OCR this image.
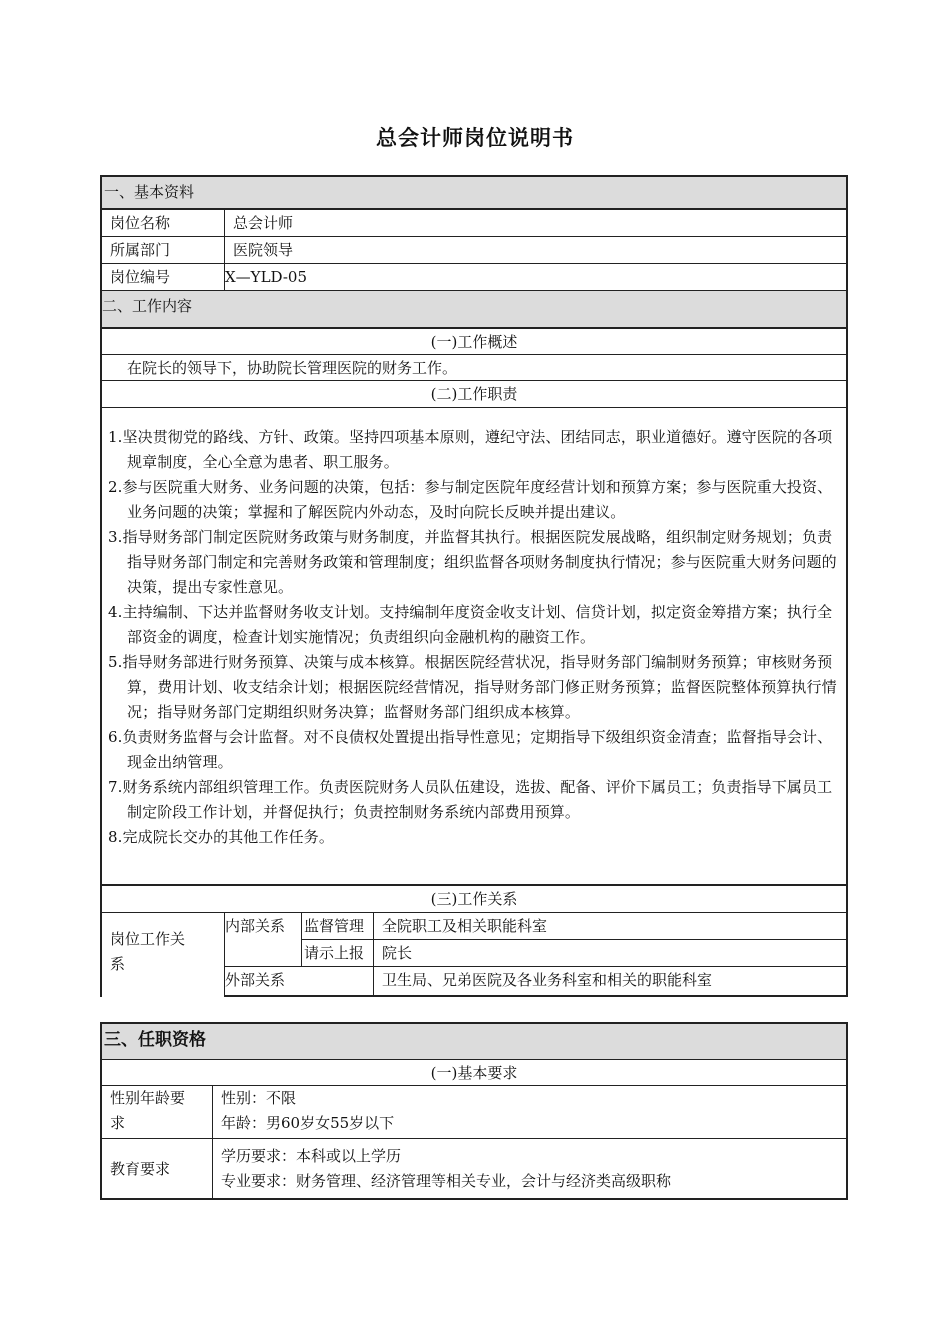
总会计师岗位说明书
一、基本资料
岗位名称	总会计师
所属部门	医院领导
岗位编号	X—YLD-05
二、工作内容
(一)工作概述
在院长的领导下，协助院长管理医院的财务工作。
(二)工作职责
1.坚决贯彻党的路线、方针、政策。坚持四项基本原则，遵纪守法、团结同志，职业道德好。遵守医院的各项规章制度，全心全意为患者、职工服务。
2.参与医院重大财务、业务问题的决策，包括：参与制定医院年度经营计划和预算方案；参与医院重大投资、业务问题的决策；掌握和了解医院内外动态，及时向院长反映并提出建议。
3.指导财务部门制定医院财务政策与财务制度，并监督其执行。根据医院发展战略，组织制定财务规划；负责指导财务部门制定和完善财务政策和管理制度；组织监督各项财务制度执行情况；参与医院重大财务问题的决策，提出专家性意见。
4.主持编制、下达并监督财务收支计划。支持编制年度资金收支计划、信贷计划，拟定资金筹措方案；执行全部资金的调度，检查计划实施情况；负责组织向金融机构的融资工作。
5.指导财务部进行财务预算、决策与成本核算。根据医院经营状况，指导财务部门编制财务预算；审核财务预算，费用计划、收支结余计划；根据医院经营情况，指导财务部门修正财务预算；监督医院整体预算执行情况；指导财务部门定期组织财务决算；监督财务部门组织成本核算。
6.负责财务监督与会计监督。对不良债权处置提出指导性意见；定期指导下级组织资金清查；监督指导会计、现金出纳管理。
7.财务系统内部组织管理工作。负责医院财务人员队伍建设，选拔、配备、评价下属员工；负责指导下属员工制定阶段工作计划，并督促执行；负责控制财务系统内部费用预算。
8.完成院长交办的其他工作任务。
(三)工作关系
岗位工作关系
内部关系	监督管理	全院职工及相关职能科室
请示上报	院长
外部关系	卫生局、兄弟医院及各业务科室和相关的职能科室
三、任职资格
(一)基本要求
性别年龄要求
性别：不限
年龄：男60岁女55岁以下
教育要求
学历要求：本科或以上学历
专业要求：财务管理、经济管理等相关专业，会计与经济类高级职称
